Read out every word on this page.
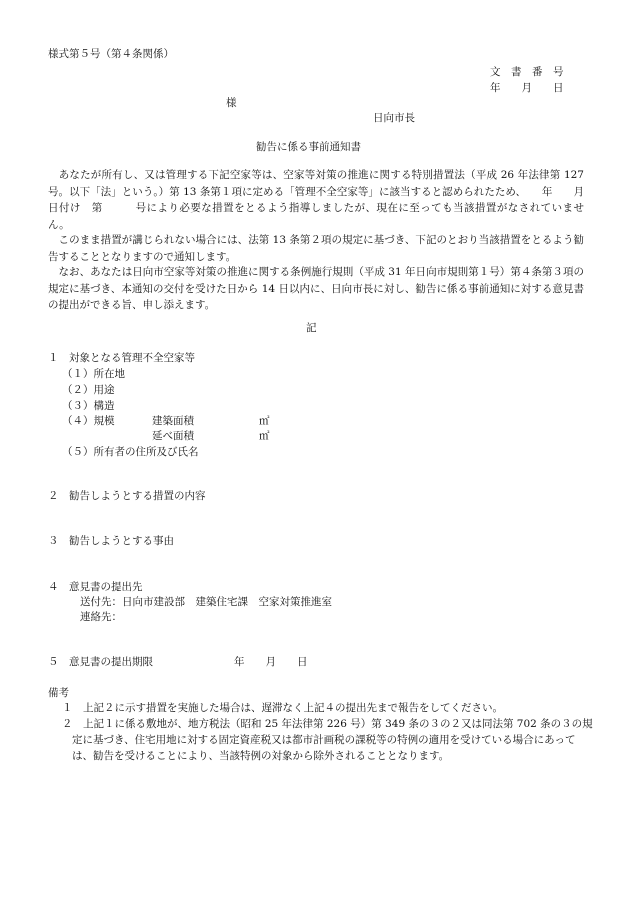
様式第５号（第４条関係）
文　書　番　号
年　　月　　日
様
日向市長
勧告に係る事前通知書
　あなたが所有し、又は管理する下記空家等は、空家等対策の推進に関する特別措置法（平成 26 年法律第 127 号。以下「法」という。）第 13 条第１項に定める「管理不全空家等」に該当すると認められたため、　　年　　月　　日付け　第　　　号により必要な措置をとるよう指導しましたが、現在に至っても当該措置がなされていません。
　このまま措置が講じられない場合には、法第 13 条第２項の規定に基づき、下記のとおり当該措置をとるよう勧告することとなりますので通知します。
　なお、あなたは日向市空家等対策の推進に関する条例施行規則（平成 31 年日向市規則第１号）第４条第３項の規定に基づき、本通知の交付を受けた日から 14 日以内に、日向市長に対し、勧告に係る事前通知に対する意見書の提出ができる旨、申し添えます。
記
１　対象となる管理不全空家等
（１）所在地
（２）用途
（３）構造
（４）規模	建築面積	㎡
延べ面積	㎡
（５）所有者の住所及び氏名
２　勧告しようとする措置の内容
３　勧告しようとする事由
４　意見書の提出先
送付先：日向市建設部　建築住宅課　空家対策推進室
連絡先：
５　意見書の提出期限	年　　月　　日
備考
１　上記２に示す措置を実施した場合は、遅滞なく上記４の提出先まで報告をしてください。
２　上記１に係る敷地が、地方税法（昭和 25 年法律第 226 号）第 349 条の３の２又は同法第 702 条の３の規定に基づき、住宅用地に対する固定資産税又は都市計画税の課税等の特例の適用を受けている場合にあっては、勧告を受けることにより、当該特例の対象から除外されることとなります。
